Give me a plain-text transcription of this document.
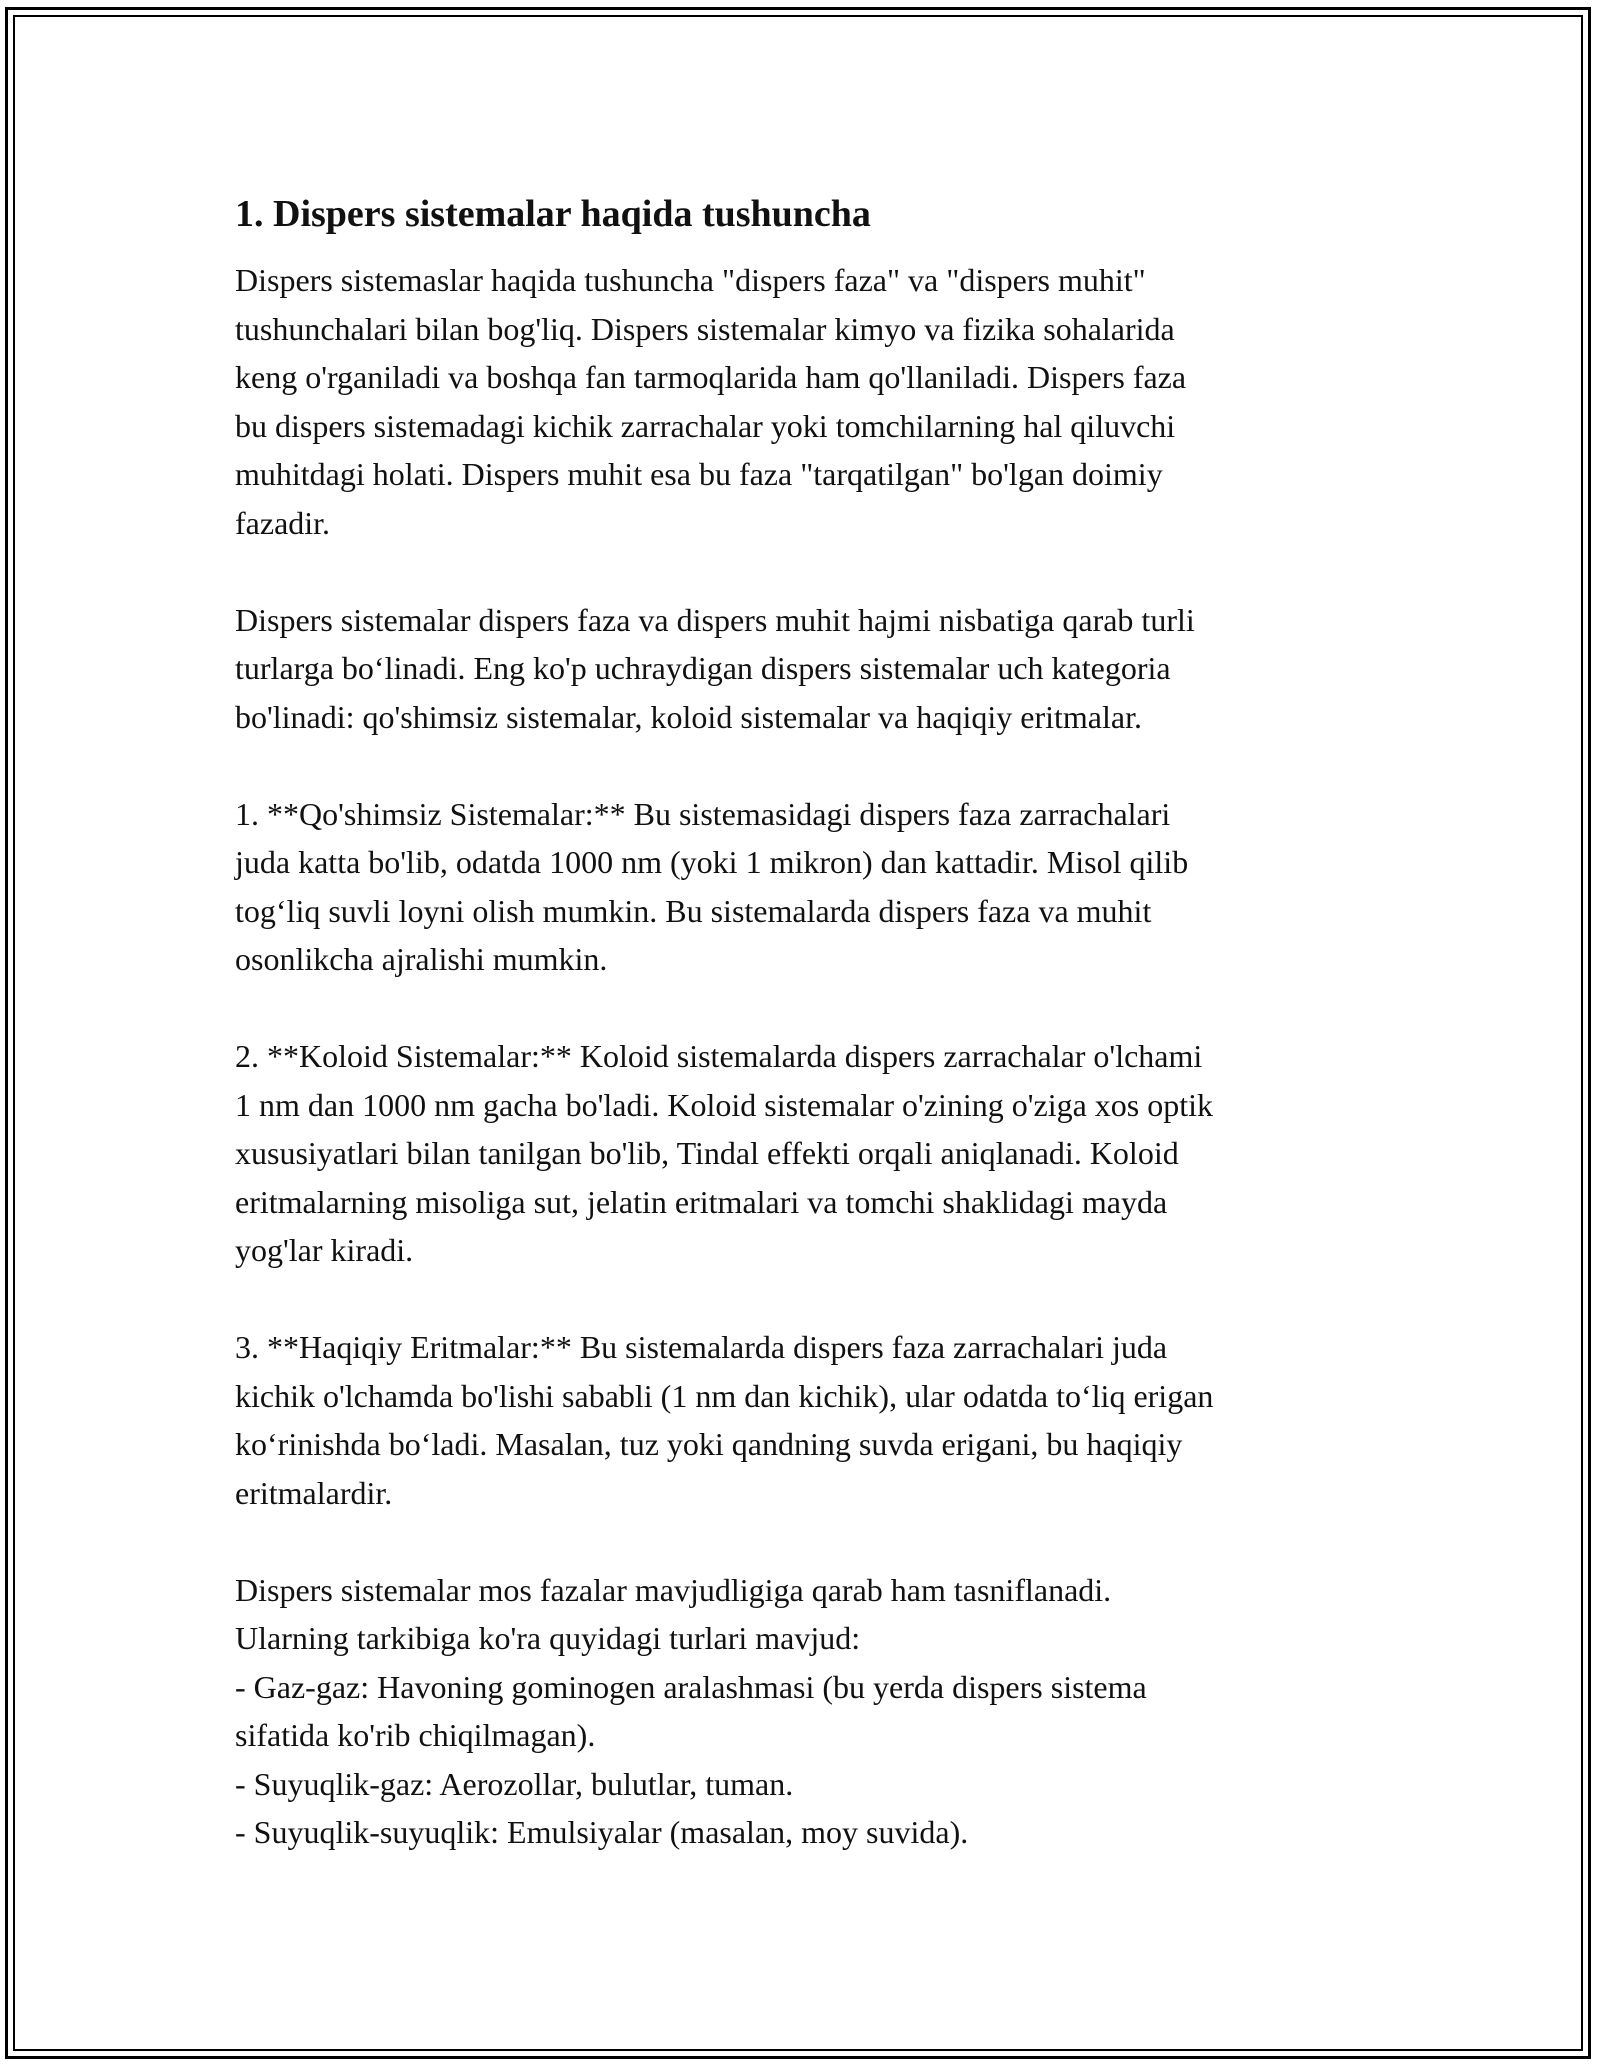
1. Dispers sistemalar haqida tushuncha

Dispers sistemaslar haqida tushuncha "dispers faza" va "dispers muhit"

tushunchalari bilan bog'liq. Dispers sistemalar kimyo va fizika sohalarida

keng o'rganiladi va boshqa fan tarmoqlarida ham qo'llaniladi. Dispers faza

bu dispers sistemadagi kichik zarrachalar yoki tomchilarning hal qiluvchi

muhitdagi holati. Dispers muhit esa bu faza "tarqatilgan" bo'lgan doimiy

fazadir.

Dispers sistemalar dispers faza va dispers muhit hajmi nisbatiga qarab turli

turlarga bo‘linadi. Eng ko'p uchraydigan dispers sistemalar uch kategoria

bo'linadi: qo'shimsiz sistemalar, koloid sistemalar va haqiqiy eritmalar.

1. **Qo'shimsiz Sistemalar:** Bu sistemasidagi dispers faza zarrachalari

juda katta bo'lib, odatda 1000 nm (yoki 1 mikron) dan kattadir. Misol qilib

tog‘liq suvli loyni olish mumkin. Bu sistemalarda dispers faza va muhit

osonlikcha ajralishi mumkin.

2. **Koloid Sistemalar:** Koloid sistemalarda dispers zarrachalar o'lchami

1 nm dan 1000 nm gacha bo'ladi. Koloid sistemalar o'zining o'ziga xos optik

xususiyatlari bilan tanilgan bo'lib, Tindal effekti orqali aniqlanadi. Koloid

eritmalarning misoliga sut, jelatin eritmalari va tomchi shaklidagi mayda

yog'lar kiradi.

3. **Haqiqiy Eritmalar:** Bu sistemalarda dispers faza zarrachalari juda

kichik o'lchamda bo'lishi sababli (1 nm dan kichik), ular odatda to‘liq erigan

ko‘rinishda bo‘ladi. Masalan, tuz yoki qandning suvda erigani, bu haqiqiy

eritmalardir.

Dispers sistemalar mos fazalar mavjudligiga qarab ham tasniflanadi.

Ularning tarkibiga ko'ra quyidagi turlari mavjud:

- Gaz-gaz: Havoning gominogen aralashmasi (bu yerda dispers sistema

sifatida ko'rib chiqilmagan).

- Suyuqlik-gaz: Aerozollar, bulutlar, tuman.

- Suyuqlik-suyuqlik: Emulsiyalar (masalan, moy suvida).
